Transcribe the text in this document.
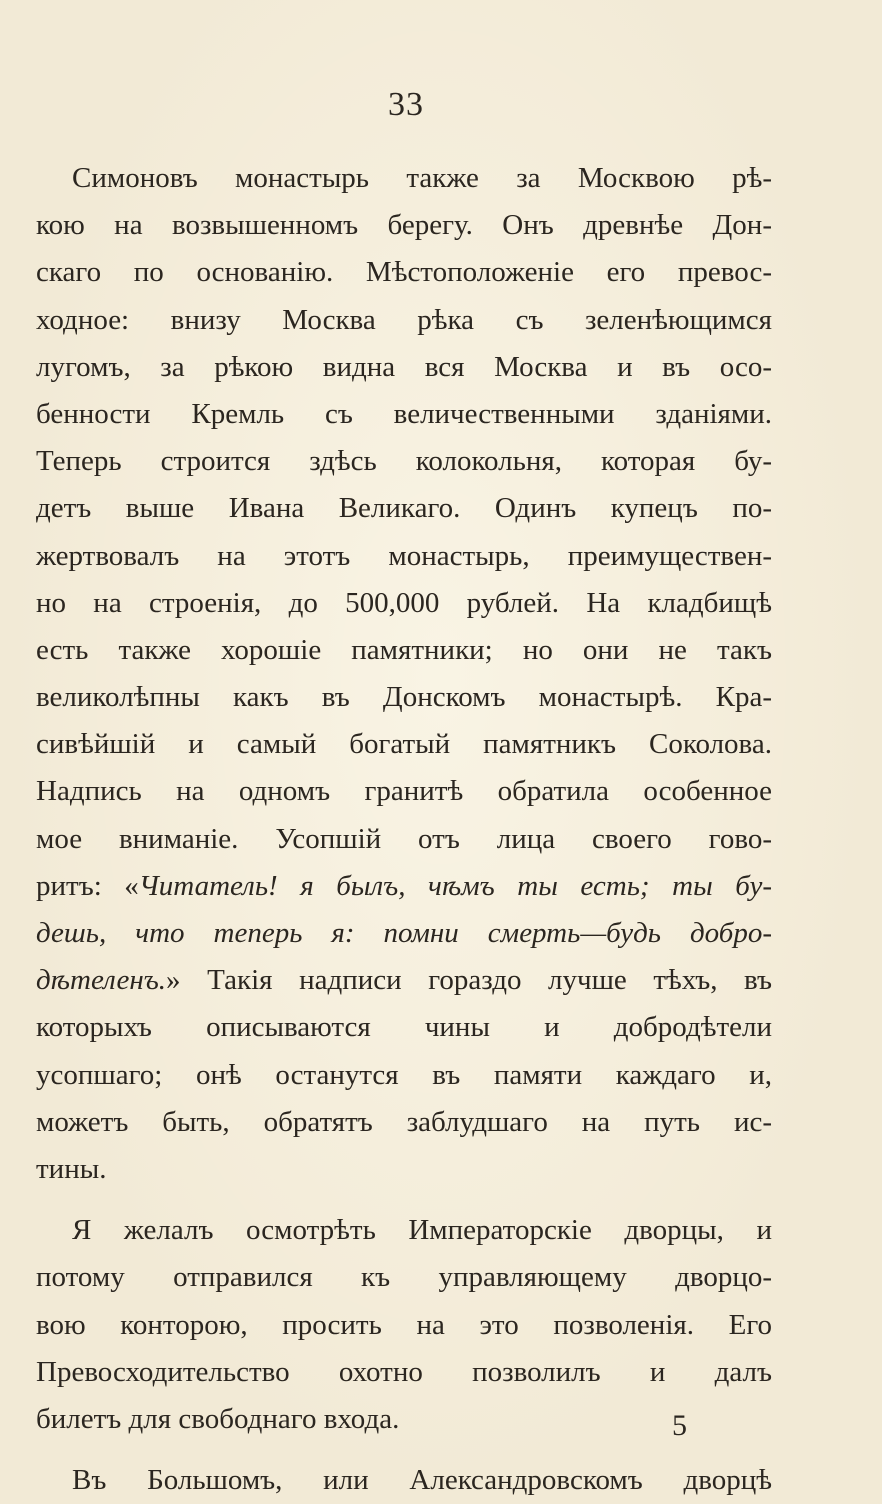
33
Симоновъ монастырь также за Москвою рѣ-
кою на возвышенномъ берегу. Онъ древнѣе Дон-
скаго по основанію. Мѣстоположеніе его превос-
ходное: внизу Москва рѣка съ зеленѣющимся
лугомъ, за рѣкою видна вся Москва и въ осо-
бенности Кремль съ величественными зданіями.
Теперь строится здѣсь колокольня, которая бу-
детъ выше Ивана Великаго. Одинъ купецъ по-
жертвовалъ на этотъ монастырь, преимуществен-
но на строенія, до 500,000 рублей. На кладбищѣ
есть также хорошіе памятники; но они не такъ
великолѣпны какъ въ Донскомъ монастырѣ. Кра-
сивѣйшій и самый богатый памятникъ Соколова.
Надпись на одномъ гранитѣ обратила особенное
мое вниманіе. Усопшій отъ лица своего гово-
ритъ: «Читатель! я былъ, чѣмъ ты есть; ты бу-
дешь, что теперь я: помни смерть—будь добро-
дѣтеленъ.» Такія надписи гораздо лучше тѣхъ, въ
которыхъ описываются чины и добродѣтели
усопшаго; онѣ останутся въ памяти каждаго и,
можетъ быть, обратятъ заблудшаго на путь ис-
тины.
Я желалъ осмотрѣть Императорскіе дворцы, и
потому отправился къ управляющему дворцо-
вою конторою, просить на это позволенія. Его
Превосходительство охотно позволилъ и далъ
билетъ для свободнаго входа.
Въ Большомъ, или Александровскомъ дворцѣ
5
